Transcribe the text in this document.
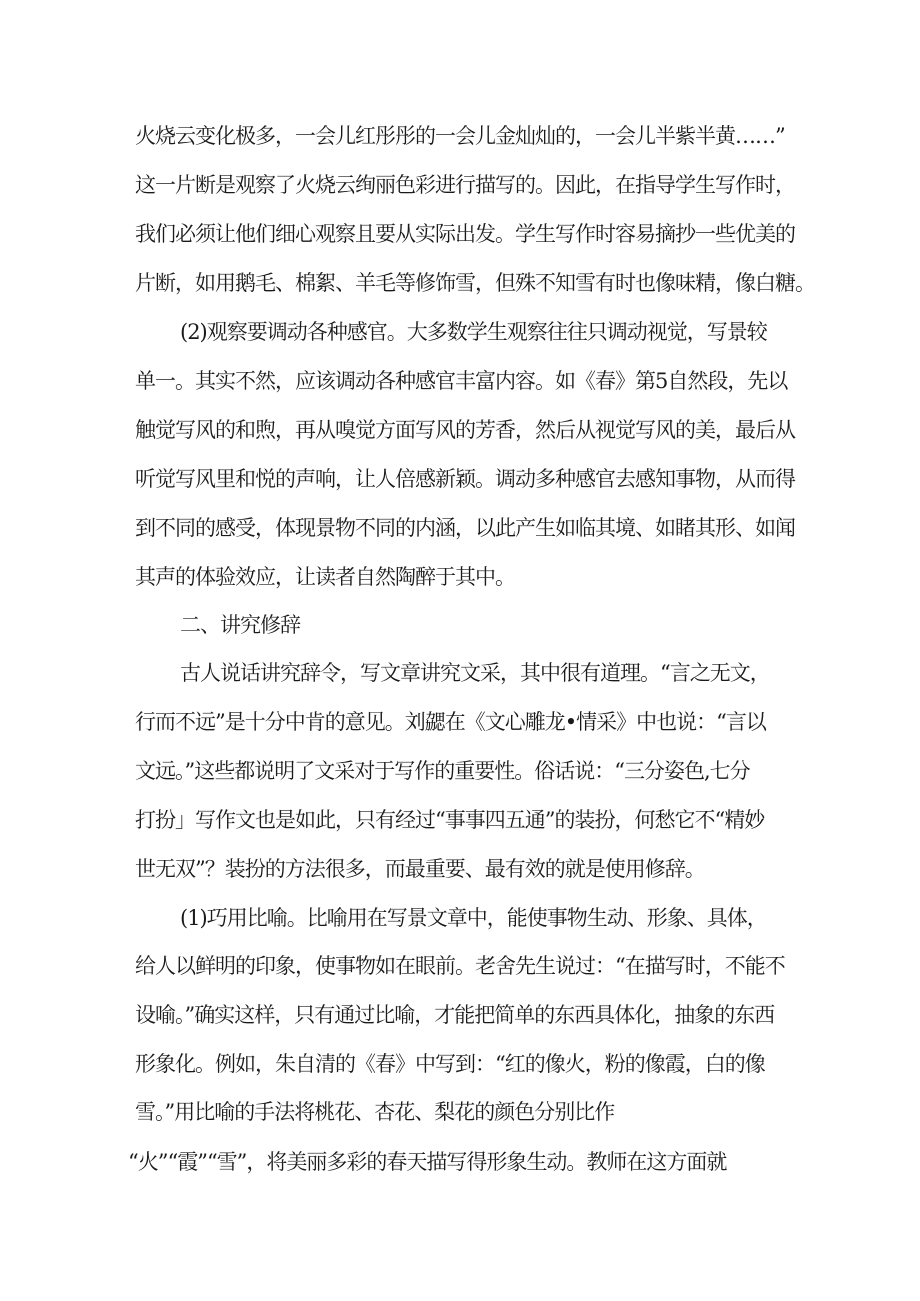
火烧云变化极多，一会儿红彤彤的一会儿金灿灿的，一会儿半紫半黄……”
这一片断是观察了火烧云绚丽色彩进行描写的。因此，在指导学生写作时，
我们必须让他们细心观察且要从实际出发。学生写作时容易摘抄一些优美的
片断，如用鹅毛、棉絮、羊毛等修饰雪，但殊不知雪有时也像味精，像白糖。
(2)观察要调动各种感官。大多数学生观察往往只调动视觉，写景较
单一。其实不然，应该调动各种感官丰富内容。如《春》第5自然段，先以
触觉写风的和煦，再从嗅觉方面写风的芳香，然后从视觉写风的美，最后从
听觉写风里和悦的声响，让人倍感新颖。调动多种感官去感知事物，从而得
到不同的感受，体现景物不同的内涵，以此产生如临其境、如睹其形、如闻
其声的体验效应，让读者自然陶醉于其中。
二、讲究修辞
古人说话讲究辞令，写文章讲究文采，其中很有道理。“言之无文，
行而不远”是十分中肯的意见。刘勰在《文心雕龙•情采》中也说：“言以
文远。”这些都说明了文采对于写作的重要性。俗话说：“三分姿色,七分
打扮」写作文也是如此，只有经过“事事四五通”的装扮，何愁它不“精妙
世无双”？装扮的方法很多，而最重要、最有效的就是使用修辞。
(1)巧用比喻。比喻用在写景文章中，能使事物生动、形象、具体，
给人以鲜明的印象，使事物如在眼前。老舍先生说过：“在描写时，不能不
设喻。”确实这样，只有通过比喻，才能把简单的东西具体化，抽象的东西
形象化。例如，朱自清的《春》中写到：“红的像火，粉的像霞，白的像
雪。”用比喻的手法将桃花、杏花、梨花的颜色分别比作
“火”“霞”“雪”，将美丽多彩的春天描写得形象生动。教师在这方面就
